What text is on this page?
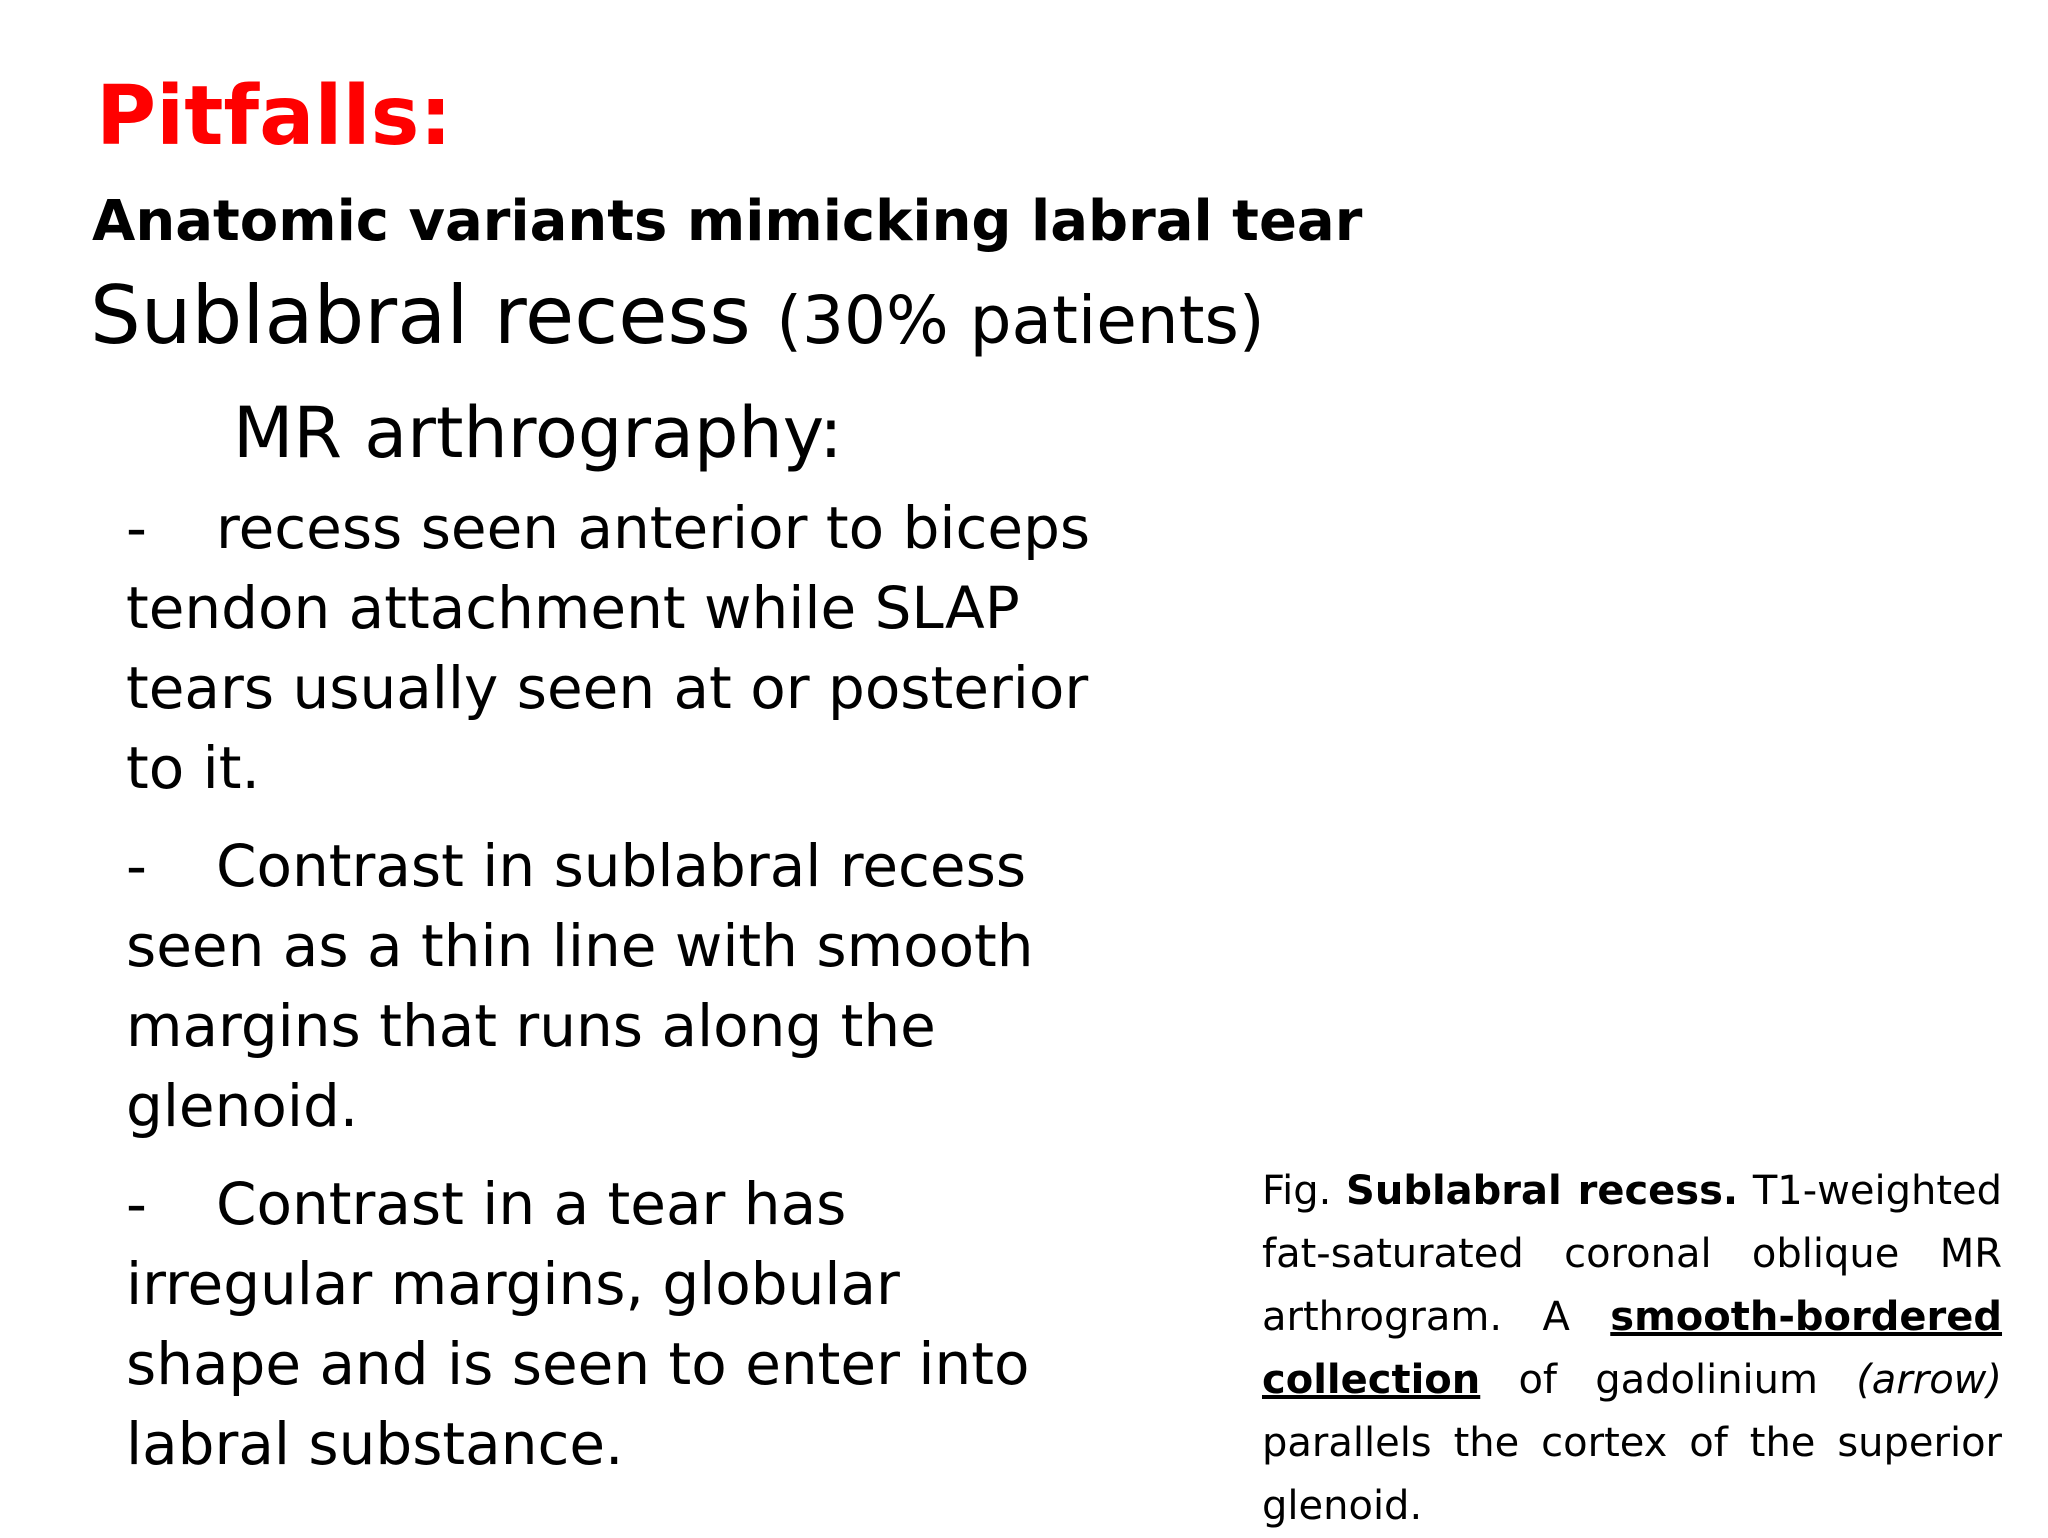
Pitfalls:
Anatomic variants mimicking labral tear
Sublabral recess (30% patients)
MR arthrography:
- recess seen anterior to biceps
tendon attachment while SLAP
tears usually seen at or posterior
to it.
- Contrast in sublabral recess
seen as a thin line with smooth
margins that runs along the
glenoid.
- Contrast in a tear has
irregular margins, globular
shape and is seen to enter into
labral substance.
Fig. Sublabral recess. T1-weighted fat-saturated coronal oblique MR arthrogram. A smooth-bordered collection of gadolinium (arrow) parallels the cortex of the superior glenoid.
